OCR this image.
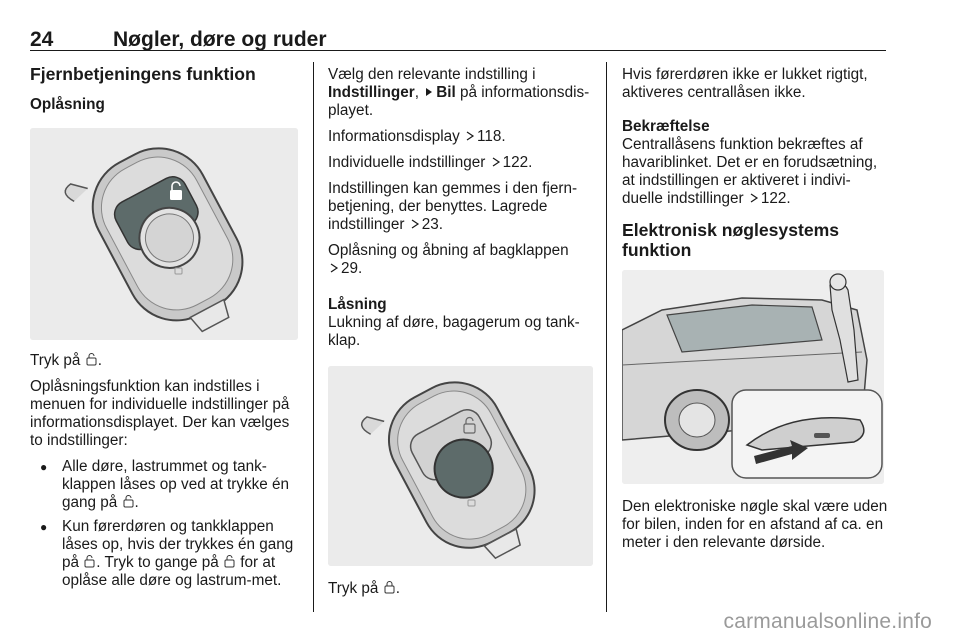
24	Nøgler, døre og ruder
Fjernbetjeningens funktion
Oplåsning

Tryk på .

Oplåsningsfunktion kan indstilles i menuen for individuelle indstillinger på informationsdisplayet. Der kan vælges to indstillinger:

● Alle døre, lastrummet og tank-klappen låses op ved at trykke én gang på .
● Kun førerdøren og tankklappen låses op, hvis der trykkes én gang på . Tryk to gange på for at oplåse alle døre og lastrum-met.

Vælg den relevante indstilling i Indstillinger, Bil på informationsdis-playet.

Informationsdisplay 118.

Individuelle indstillinger 122.

Indstillingen kan gemmes i den fjern-betjening, der benyttes. Lagrede indstillinger 23.

Oplåsning og åbning af bagklappen
29.

Låsning
Lukning af døre, bagagerum og tank-klap.

Tryk på .

Hvis førerdøren ikke er lukket rigtigt, aktiveres centrallåsen ikke.

Bekræftelse
Centrallåsens funktion bekræftes af havariblinket. Det er en forudsætning, at indstillingen er aktiveret i indivi-duelle indstillinger 122.

Elektronisk nøglesystems funktion

Den elektroniske nøgle skal være uden for bilen, inden for en afstand af ca. en meter i den relevante dørside.

carmanualsonline.info
